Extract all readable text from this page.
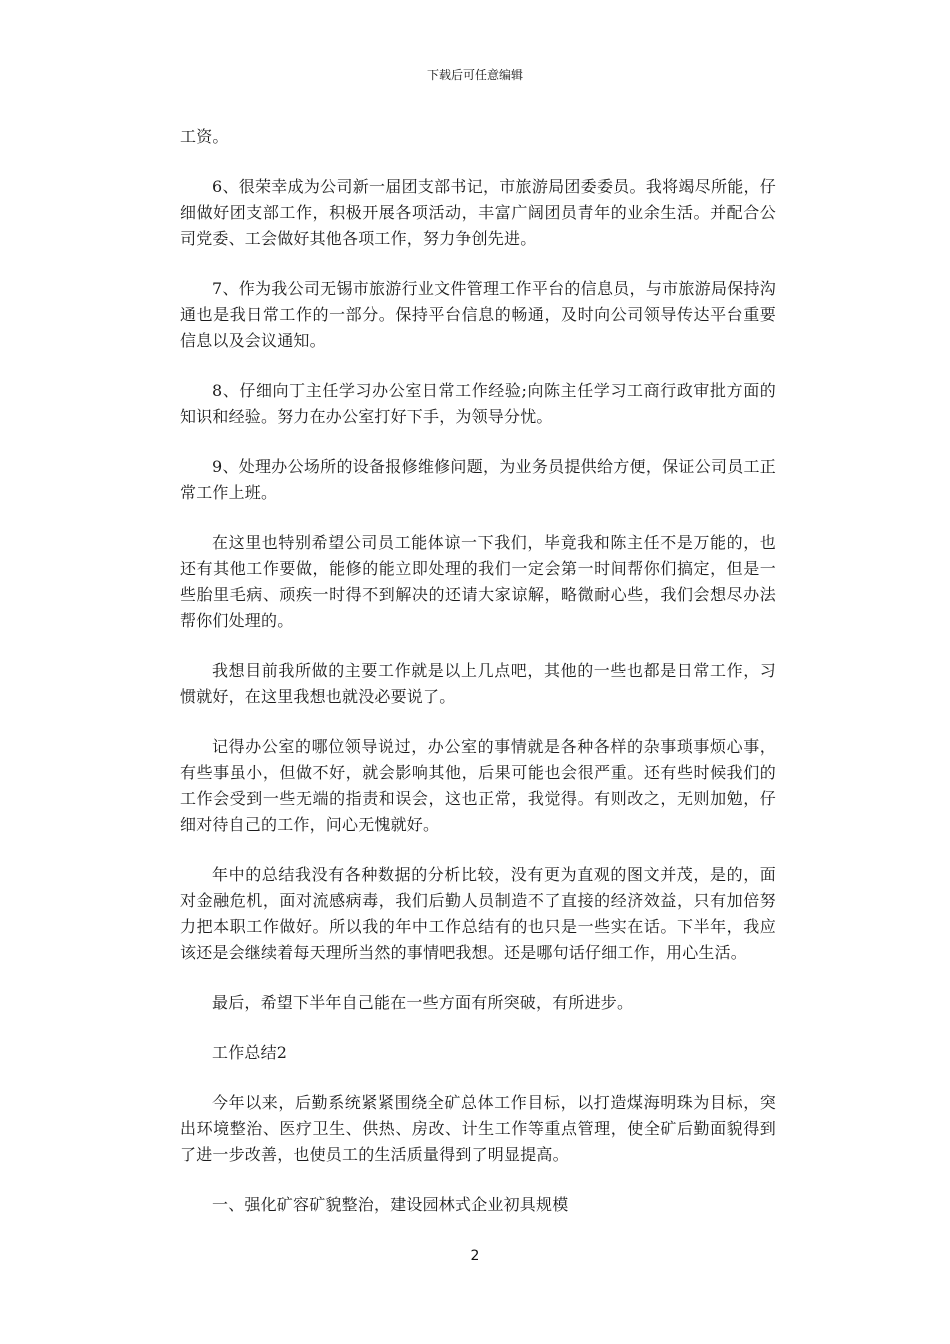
下载后可任意编辑

工资。

6、很荣幸成为公司新一届团支部书记，市旅游局团委委员。我将竭尽所能，仔细做好团支部工作，积极开展各项活动，丰富广阔团员青年的业余生活。并配合公司党委、工会做好其他各项工作，努力争创先进。

7、作为我公司无锡市旅游行业文件管理工作平台的信息员，与市旅游局保持沟通也是我日常工作的一部分。保持平台信息的畅通，及时向公司领导传达平台重要信息以及会议通知。

8、仔细向丁主任学习办公室日常工作经验;向陈主任学习工商行政审批方面的知识和经验。努力在办公室打好下手，为领导分忧。

9、处理办公场所的设备报修维修问题，为业务员提供给方便，保证公司员工正常工作上班。

在这里也特别希望公司员工能体谅一下我们，毕竟我和陈主任不是万能的，也还有其他工作要做，能修的能立即处理的我们一定会第一时间帮你们搞定，但是一些胎里毛病、顽疾一时得不到解决的还请大家谅解，略微耐心些，我们会想尽办法帮你们处理的。

我想目前我所做的主要工作就是以上几点吧，其他的一些也都是日常工作，习惯就好，在这里我想也就没必要说了。

记得办公室的哪位领导说过，办公室的事情就是各种各样的杂事琐事烦心事，有些事虽小，但做不好，就会影响其他，后果可能也会很严重。还有些时候我们的工作会受到一些无端的指责和误会，这也正常，我觉得。有则改之，无则加勉，仔细对待自己的工作，问心无愧就好。

年中的总结我没有各种数据的分析比较，没有更为直观的图文并茂，是的，面对金融危机，面对流感病毒，我们后勤人员制造不了直接的经济效益，只有加倍努力把本职工作做好。所以我的年中工作总结有的也只是一些实在话。下半年，我应该还是会继续着每天理所当然的事情吧我想。还是哪句话仔细工作，用心生活。

最后，希望下半年自己能在一些方面有所突破，有所进步。

工作总结2

今年以来，后勤系统紧紧围绕全矿总体工作目标，以打造煤海明珠为目标，突出环境整治、医疗卫生、供热、房改、计生工作等重点管理，使全矿后勤面貌得到了进一步改善，也使员工的生活质量得到了明显提高。

一、强化矿容矿貌整治，建设园林式企业初具规模

2
